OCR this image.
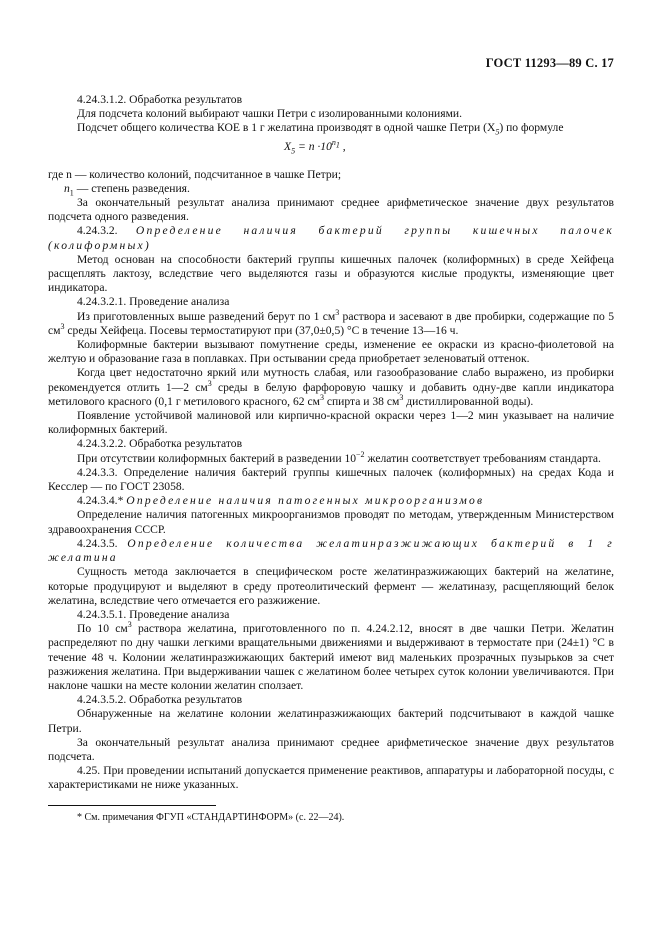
ГОСТ 11293—89 С. 17

4.24.3.1.2. Обработка результатов

Для подсчета колоний выбирают чашки Петри с изолированными колониями.

Подсчет общего количества КОЕ в 1 г желатина производят в одной чашке Петри $(X_5)$ по формуле

$X_5 = n \cdot 10^{n_1}$ ,

где n — количество колоний, подсчитанное в чашке Петри;

$n_1$ — степень разведения.

За окончательный результат анализа принимают среднее арифметическое значение двух результатов подсчета одного разведения.

4.24.3.2. Определение наличия бактерий группы кишечных палочек (колиформных)

Метод основан на способности бактерий группы кишечных палочек (колиформных) в среде Хейфеца расщеплять лактозу, вследствие чего выделяются газы и образуются кислые продукты, изменяющие цвет индикатора.

4.24.3.2.1. Проведение анализа

Из приготовленных выше разведений берут по 1 $см^3$ раствора и засевают в две пробирки, содержащие по 5 $см^3$ среды Хейфеца. Посевы термостатируют при (37,0±0,5) °С в течение 13—16 ч.

Колиформные бактерии вызывают помутнение среды, изменение ее окраски из красно-фиолетовой на желтую и образование газа в поплавках. При остывании среда приобретает зеленоватый оттенок.

Когда цвет недостаточно яркий или мутность слабая, или газообразование слабо выражено, из пробирки рекомендуется отлить 1—2 $см^3$ среды в белую фарфоровую чашку и добавить одну-две капли индикатора метилового красного (0,1 г метилового красного, 62 $см^3$ спирта и 38 $см^3$ дистиллированной воды).

Появление устойчивой малиновой или кирпично-красной окраски через 1—2 мин указывает на наличие колиформных бактерий.

4.24.3.2.2. Обработка результатов

При отсутствии колиформных бактерий в разведении $10^{-2}$ желатин соответствует требованиям стандарта.

4.24.3.3. Определение наличия бактерий группы кишечных палочек (колиформных) на средах Кода и Кесслер — по ГОСТ 23058.

4.24.3.4.* Определение наличия патогенных микроорганизмов

Определение наличия патогенных микроорганизмов проводят по методам, утвержденным Министерством здравоохранения СССР.

4.24.3.5. Определение количества желатинразжижающих бактерий в 1 г желатина

Сущность метода заключается в специфическом росте желатинразжижающих бактерий на желатине, которые продуцируют и выделяют в среду протеолитический фермент — желатиназу, расщепляющий белок желатина, вследствие чего отмечается его разжижение.

4.24.3.5.1. Проведение анализа

По 10 $см^3$ раствора желатина, приготовленного по п. 4.24.2.12, вносят в две чашки Петри. Желатин распределяют по дну чашки легкими вращательными движениями и выдерживают в термостате при (24±1) °С в течение 48 ч. Колонии желатинразжижающих бактерий имеют вид маленьких прозрачных пузырьков за счет разжижения желатина. При выдерживании чашек с желатином более четырех суток колонии увеличиваются. При наклоне чашки на месте колонии желатин сползает.

4.24.3.5.2. Обработка результатов

Обнаруженные на желатине колонии желатинразжижающих бактерий подсчитывают в каждой чашке Петри.

За окончательный результат анализа принимают среднее арифметическое значение двух результатов подсчета.

4.25. При проведении испытаний допускается применение реактивов, аппаратуры и лабораторной посуды, с характеристиками не ниже указанных.

* См. примечания ФГУП «СТАНДАРТИНФОРМ» (с. 22—24).
